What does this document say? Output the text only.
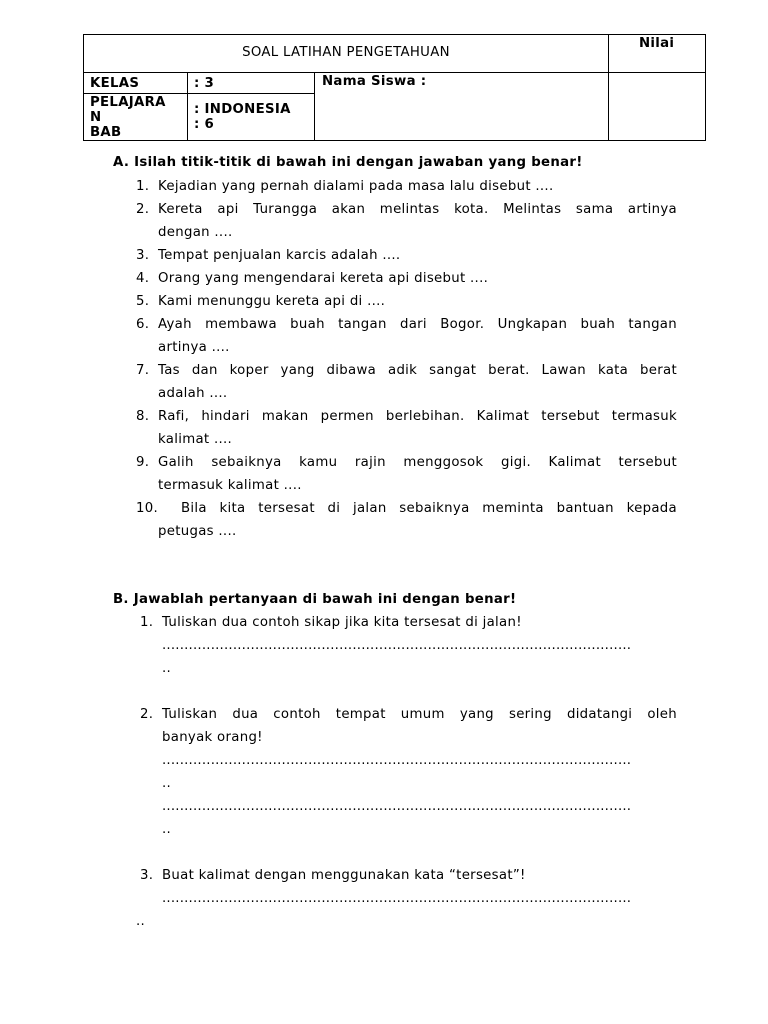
SOAL LATIHAN PENGETAHUAN
Nilai
KELAS	: 3
PELAJARA
N
BAB
: INDONESIA
: 6
Nama Siswa :
A. Isilah titik-titik di bawah ini dengan jawaban yang benar!
1. Kejadian yang pernah dialami pada masa lalu disebut ....
2. Kereta api Turangga akan melintas kota. Melintas sama artinya
dengan ....
3. Tempat penjualan karcis adalah ....
4. Orang yang mengendarai kereta api disebut ....
5. Kami menunggu kereta api di ....
6. Ayah membawa buah tangan dari Bogor. Ungkapan buah tangan
artinya ....
7. Tas dan koper yang dibawa adik sangat berat. Lawan kata berat
adalah ....
8. Rafi, hindari makan permen berlebihan. Kalimat tersebut termasuk
kalimat ....
9. Galih sebaiknya kamu rajin menggosok gigi. Kalimat tersebut
termasuk kalimat ....
10. Bila kita tersesat di jalan sebaiknya meminta bantuan kepada
petugas ....
B. Jawablah pertanyaan di bawah ini dengan benar!
1. Tuliskan dua contoh sikap jika kita tersesat di jalan!
..........................................................................................................
..
2. Tuliskan dua contoh tempat umum yang sering didatangi oleh
banyak orang!
..........................................................................................................
..
..........................................................................................................
..
3. Buat kalimat dengan menggunakan kata “tersesat”!
..........................................................................................................
..
